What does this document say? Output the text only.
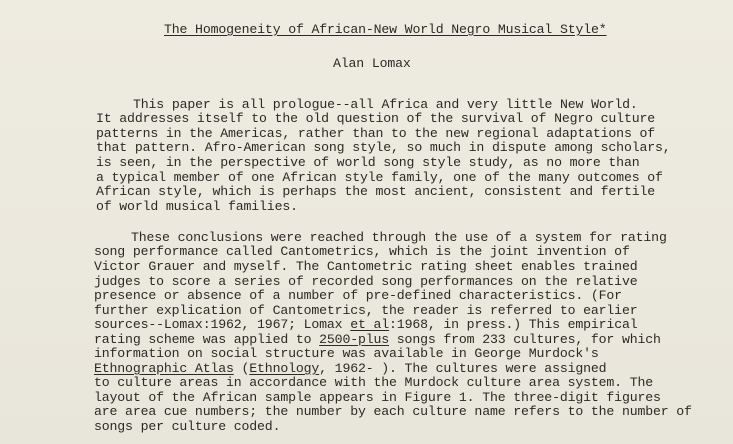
The Homogeneity of African-New World Negro Musical Style*
Alan Lomax
This paper is all prologue--all Africa and very little New World.
It addresses itself to the old question of the survival of Negro culture
patterns in the Americas, rather than to the new regional adaptations of
that pattern. Afro-American song style, so much in dispute among scholars,
is seen, in the perspective of world song style study, as no more than
a typical member of one African style family, one of the many outcomes of
African style, which is perhaps the most ancient, consistent and fertile
of world musical families.
These conclusions were reached through the use of a system for rating
song performance called Cantometrics, which is the joint invention of
Victor Grauer and myself. The Cantometric rating sheet enables trained
judges to score a series of recorded song performances on the relative
presence or absence of a number of pre-defined characteristics. (For
further explication of Cantometrics, the reader is referred to earlier
sources--Lomax:1962, 1967; Lomax et al:1968, in press.) This empirical
rating scheme was applied to 2500-plus songs from 233 cultures, for which
information on social structure was available in George Murdock's
Ethnographic Atlas (Ethnology, 1962- ). The cultures were assigned
to culture areas in accordance with the Murdock culture area system. The
layout of the African sample appears in Figure 1. The three-digit figures
are area cue numbers; the number by each culture name refers to the number of
songs per culture coded.
